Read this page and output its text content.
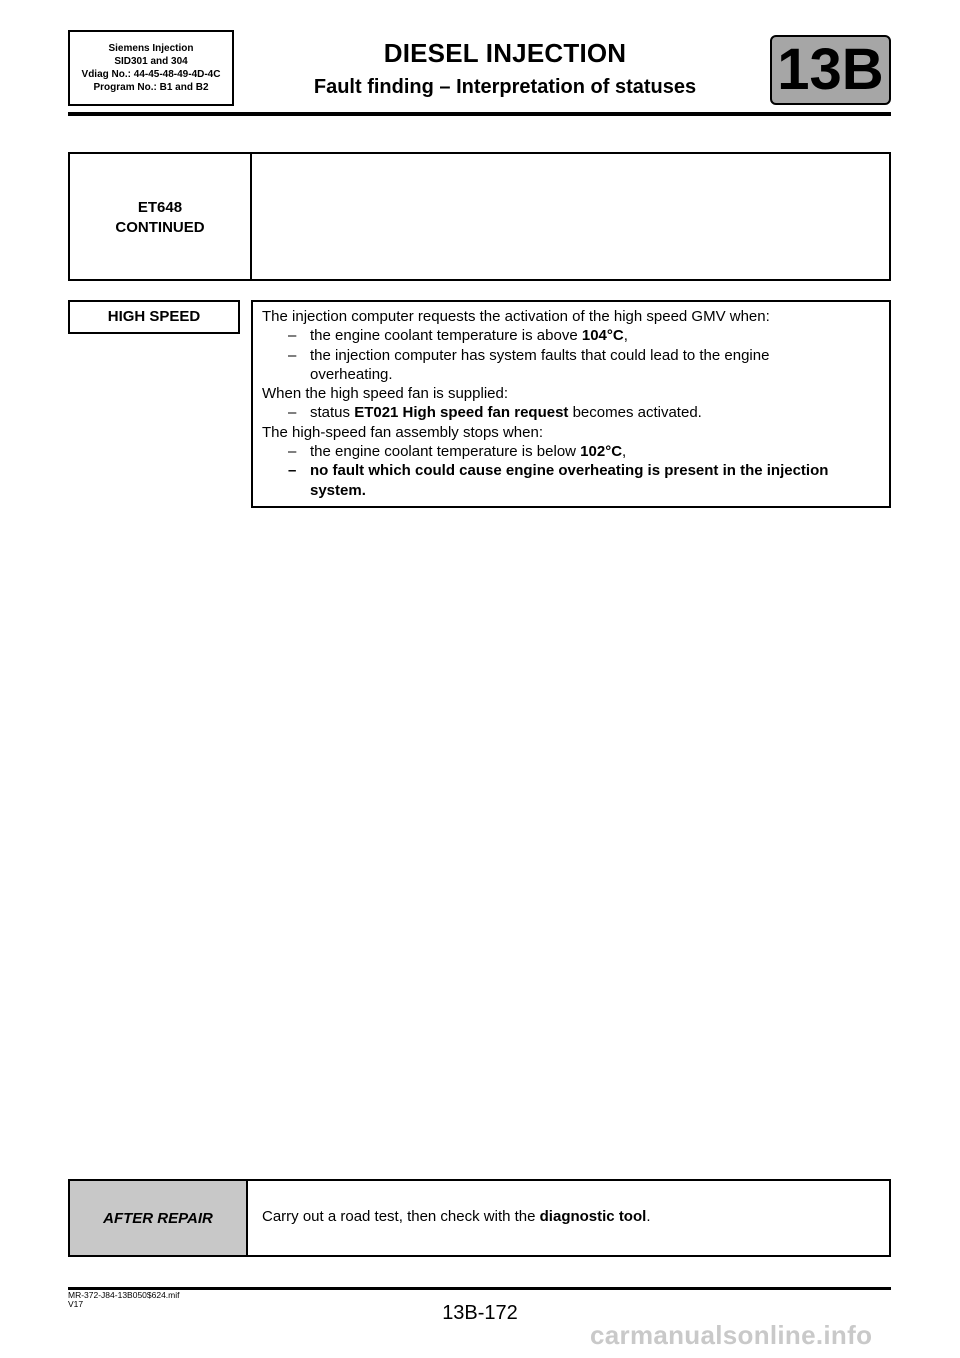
Siemens Injection
SID301 and 304
Vdiag No.: 44-45-48-49-4D-4C
Program No.: B1 and B2
DIESEL INJECTION
Fault finding – Interpretation of statuses	13B
ET648
CONTINUED
HIGH SPEED	The injection computer requests the activation of the high speed GMV when:
– the engine coolant temperature is above 104°C,
– the injection computer has system faults that could lead to the engine
overheating.
When the high speed fan is supplied:
– status ET021 High speed fan request becomes activated.
The high-speed fan assembly stops when:
– the engine coolant temperature is below 102°C,
– no fault which could cause engine overheating is present in the injection
system.
AFTER REPAIR	Carry out a road test, then check with the diagnostic tool.
MR-372-J84-13B050$624.mif
V17	13B-172
carmanualsonline.info
